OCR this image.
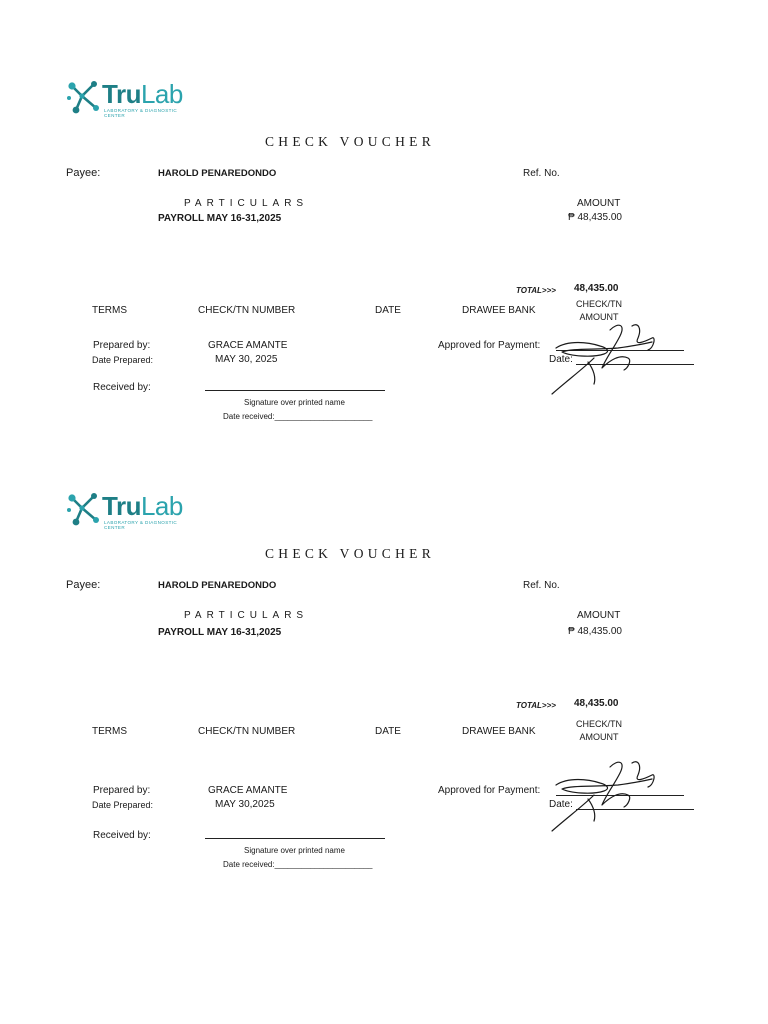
TruLab
LABORATORY & DIAGNOSTIC CENTER
CHECK VOUCHER
Payee:	HAROLD PENAREDONDO	Ref. No.
PARTICULARS	AMOUNT
PAYROLL MAY 16-31,2025	₱ 48,435.00
TOTAL>>> 48,435.00
TERMS	CHECK/TN NUMBER	DATE	DRAWEE BANK
CHECK/TN
AMOUNT
Prepared by:	GRACE AMANTE
Date Prepared:	MAY 30, 2025
Approved for Payment:
Date:
Received by:
Signature over printed name
Date received:______________________
TruLab
LABORATORY & DIAGNOSTIC CENTER
CHECK VOUCHER
Payee:	HAROLD PENAREDONDO	Ref. No.
PARTICULARS	AMOUNT
PAYROLL MAY 16-31,2025	₱ 48,435.00
TOTAL>>> 48,435.00
TERMS	CHECK/TN NUMBER	DATE	DRAWEE BANK
CHECK/TN
AMOUNT
Prepared by:	GRACE AMANTE
Date Prepared:	MAY 30,2025
Approved for Payment:
Date:
Received by:
Signature over printed name
Date received:______________________
